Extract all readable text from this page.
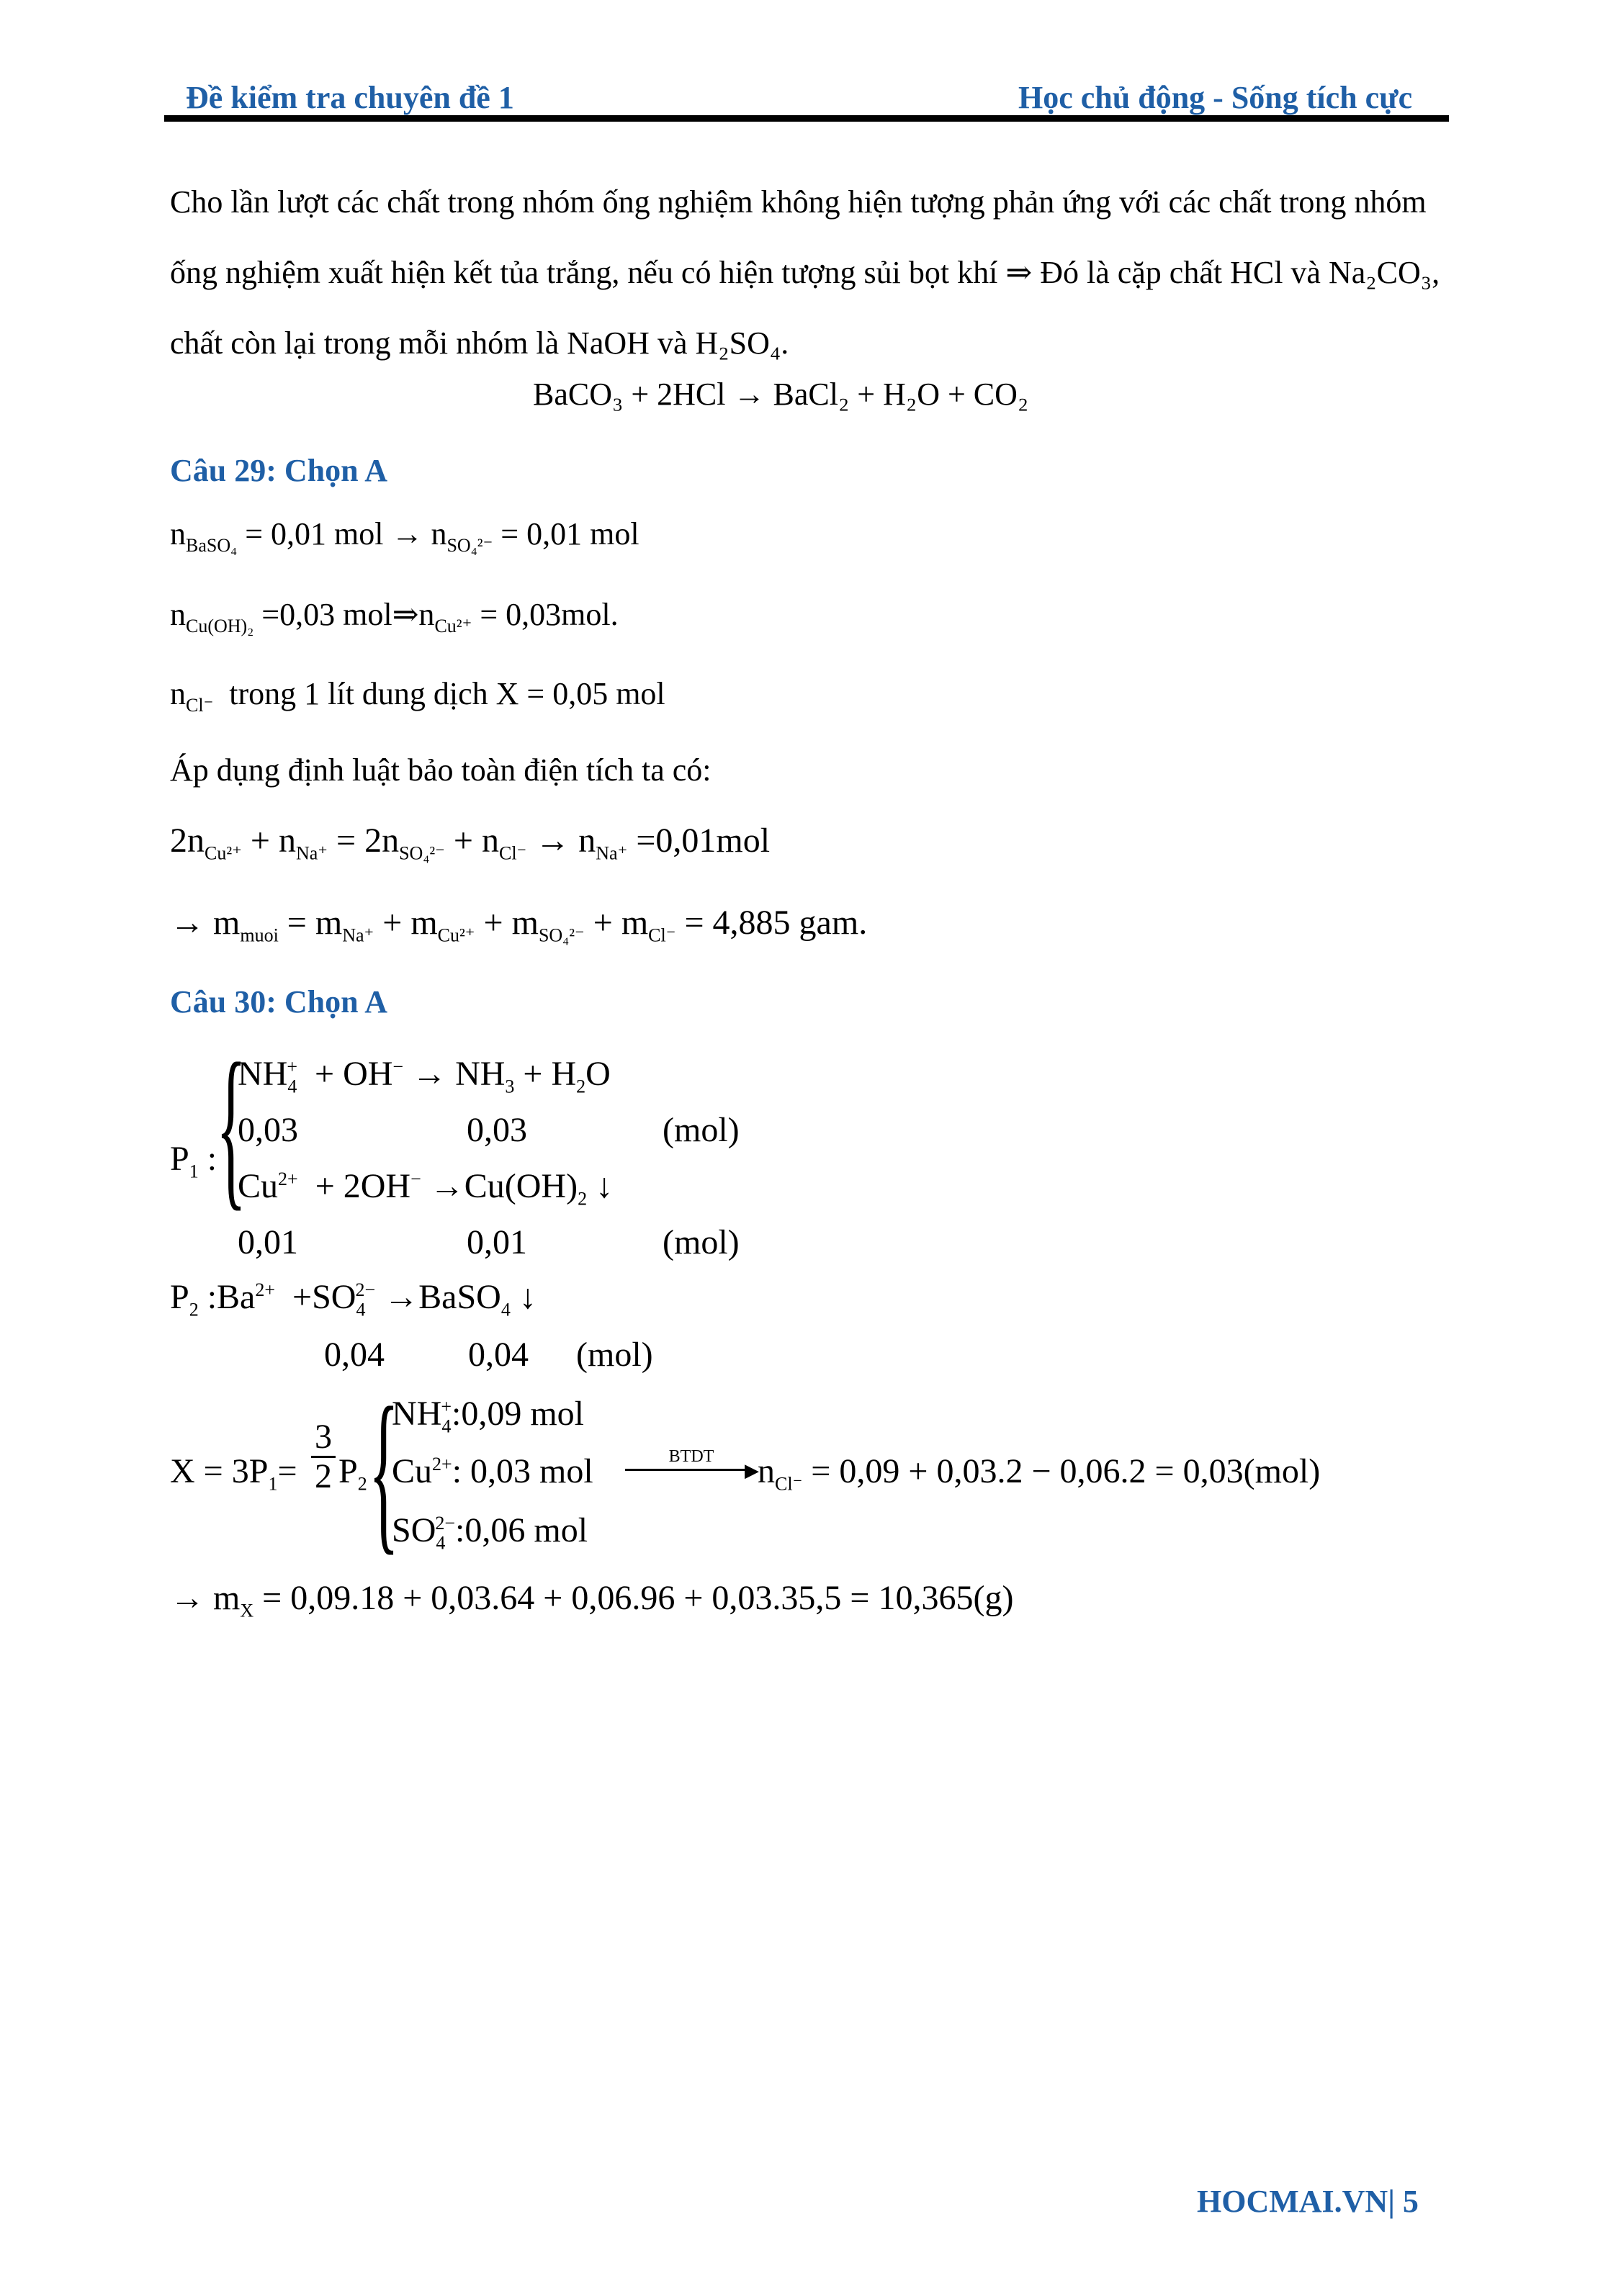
Đề kiểm tra chuyên đề 1	Học chủ động - Sống tích cực
Cho lần lượt các chất trong nhóm ống nghiệm không hiện tượng phản ứng với các chất trong nhóm ống nghiệm xuất hiện kết tủa trắng, nếu có hiện tượng sủi bọt khí ⇒ Đó là cặp chất HCl và Na₂CO₃, chất còn lại trong mỗi nhóm là NaOH và H₂SO₄.
BaCO₃ + 2HCl → BaCl₂ + H₂O + CO₂
Câu 29: Chọn A
$n_{BaSO_4} = 0,01$ mol → $n_{SO_4^{2-}} = 0,01$ mol
$n_{Cu(OH)_2} =0,03$ $mol\Rightarrow n_{Cu^{2+}} = 0,03mol$.
$n_{Cl^-}$ trong 1 lít dung dịch X = 0,05 mol
Áp dụng định luật bảo toàn điện tích ta có:
$2n_{Cu^{2+}} + n_{Na^+} = 2n_{SO_4^{2-}} + n_{Cl^-} \to n_{Na^+} =0,01mol$
→ $m_{muoi} = m_{Na^+} + m_{Cu^{2+}} + m_{SO_4^{2-}} + m_{Cl^-} = 4,885$ gam.
Câu 30: Chọn A
$P_1$ :
{
$NH_4^+ + OH^- \to NH_3 + H_2O$
0,03	0,03	(mol)
$Cu^{2+} + 2OH^- \to Cu(OH)_2$ ↓
0,01	0,01	(mol)
$P_2$ $:Ba^{2+} +SO_4^{2-}$ →BaSO$_4$ ↓
0,04 0,04 (mol)
$X = 3P_1=$
3
2 $P_2$ {
$NH_4^+:0,09$ mol
$Cu^{2+}$: 0,03 mol
$SO_4^{2-}:0,06$ mol
BTDT
▶
$n_{Cl^-} = 0,09 + 0,03.2 - 0,06.2 = 0,03(mol)$
→ $m_X = 0,09.18 + 0,03.64 + 0,06.96 + 0,03.35,5 = 10,365(g)$
HOCMAI.VN| 5
